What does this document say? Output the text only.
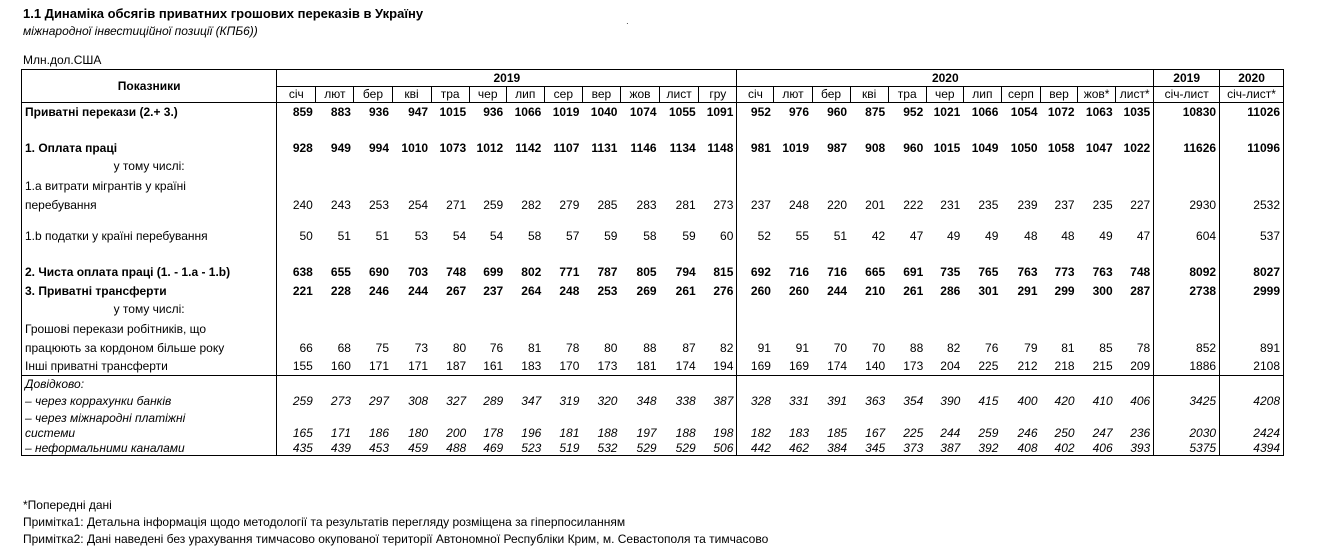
1.1 Динаміка обсягів приватних грошових переказів в Україну
·
міжнародної інвестиційної позиції (КПБ6))
Млн.дол.США
Показники	2019												2020											2019	2020
	січ	лют	бер	кві	тра	чер	лип	сер	вер	жов	лист	гру	січ	лют	бер	кві	тра	чер	лип	серп	вер	жов*	лист*	січ-лист	січ-лист*
Приватні перекази (2.+ 3.)	859	883	936	947	1015	936	1066	1019	1040	1074	1055	1091	952	976	960	875	952	1021	1066	1054	1072	1063	1035	10830	11026

1. Оплата праці	928	949	994	1010	1073	1012	1142	1107	1131	1146	1134	1148	981	1019	987	908	960	1015	1049	1050	1058	1047	1022	11626	11096
у тому числі:																									
1.a витрати мігрантів у країні																									
перебування	240	243	253	254	271	259	282	279	285	283	281	273	237	248	220	201	222	231	235	239	237	235	227	2930	2532

1.b податки у країні перебування	50	51	51	53	54	54	58	57	59	58	59	60	52	55	51	42	47	49	49	48	48	49	47	604	537

2. Чиста оплата праці (1. - 1.a - 1.b)	638	655	690	703	748	699	802	771	787	805	794	815	692	716	716	665	691	735	765	763	773	763	748	8092	8027
3. Приватні трансферти	221	228	246	244	267	237	264	248	253	269	261	276	260	260	244	210	261	286	301	291	299	300	287	2738	2999
у тому числі:																									
Грошові перекази робітників, що																									
працюють за кордоном більше року	66	68	75	73	80	76	81	78	80	88	87	82	91	91	70	70	88	82	76	79	81	85	78	852	891
Інші приватні трансферти	155	160	171	171	187	161	183	170	173	181	174	194	169	169	174	140	173	204	225	212	218	215	209	1886	2108
Довідково:																									
– через коррахунки банків	259	273	297	308	327	289	347	319	320	348	338	387	328	331	391	363	354	390	415	400	420	410	406	3425	4208
– через міжнародні платіжні																									
системи	165	171	186	180	200	178	196	181	188	197	188	198	182	183	185	167	225	244	259	246	250	247	236	2030	2424
– неформальними каналами	435	439	453	459	488	469	523	519	532	529	529	506	442	462	384	345	373	387	392	408	402	406	393	5375	4394
*Попередні дані
Примітка1: Детальна інформація щодо методології та результатів перегляду розміщена за гіперпосиланням
Примітка2: Дані наведені без урахування тимчасово окупованої території Автономної Республіки Крим, м. Севастополя та тимчасово
